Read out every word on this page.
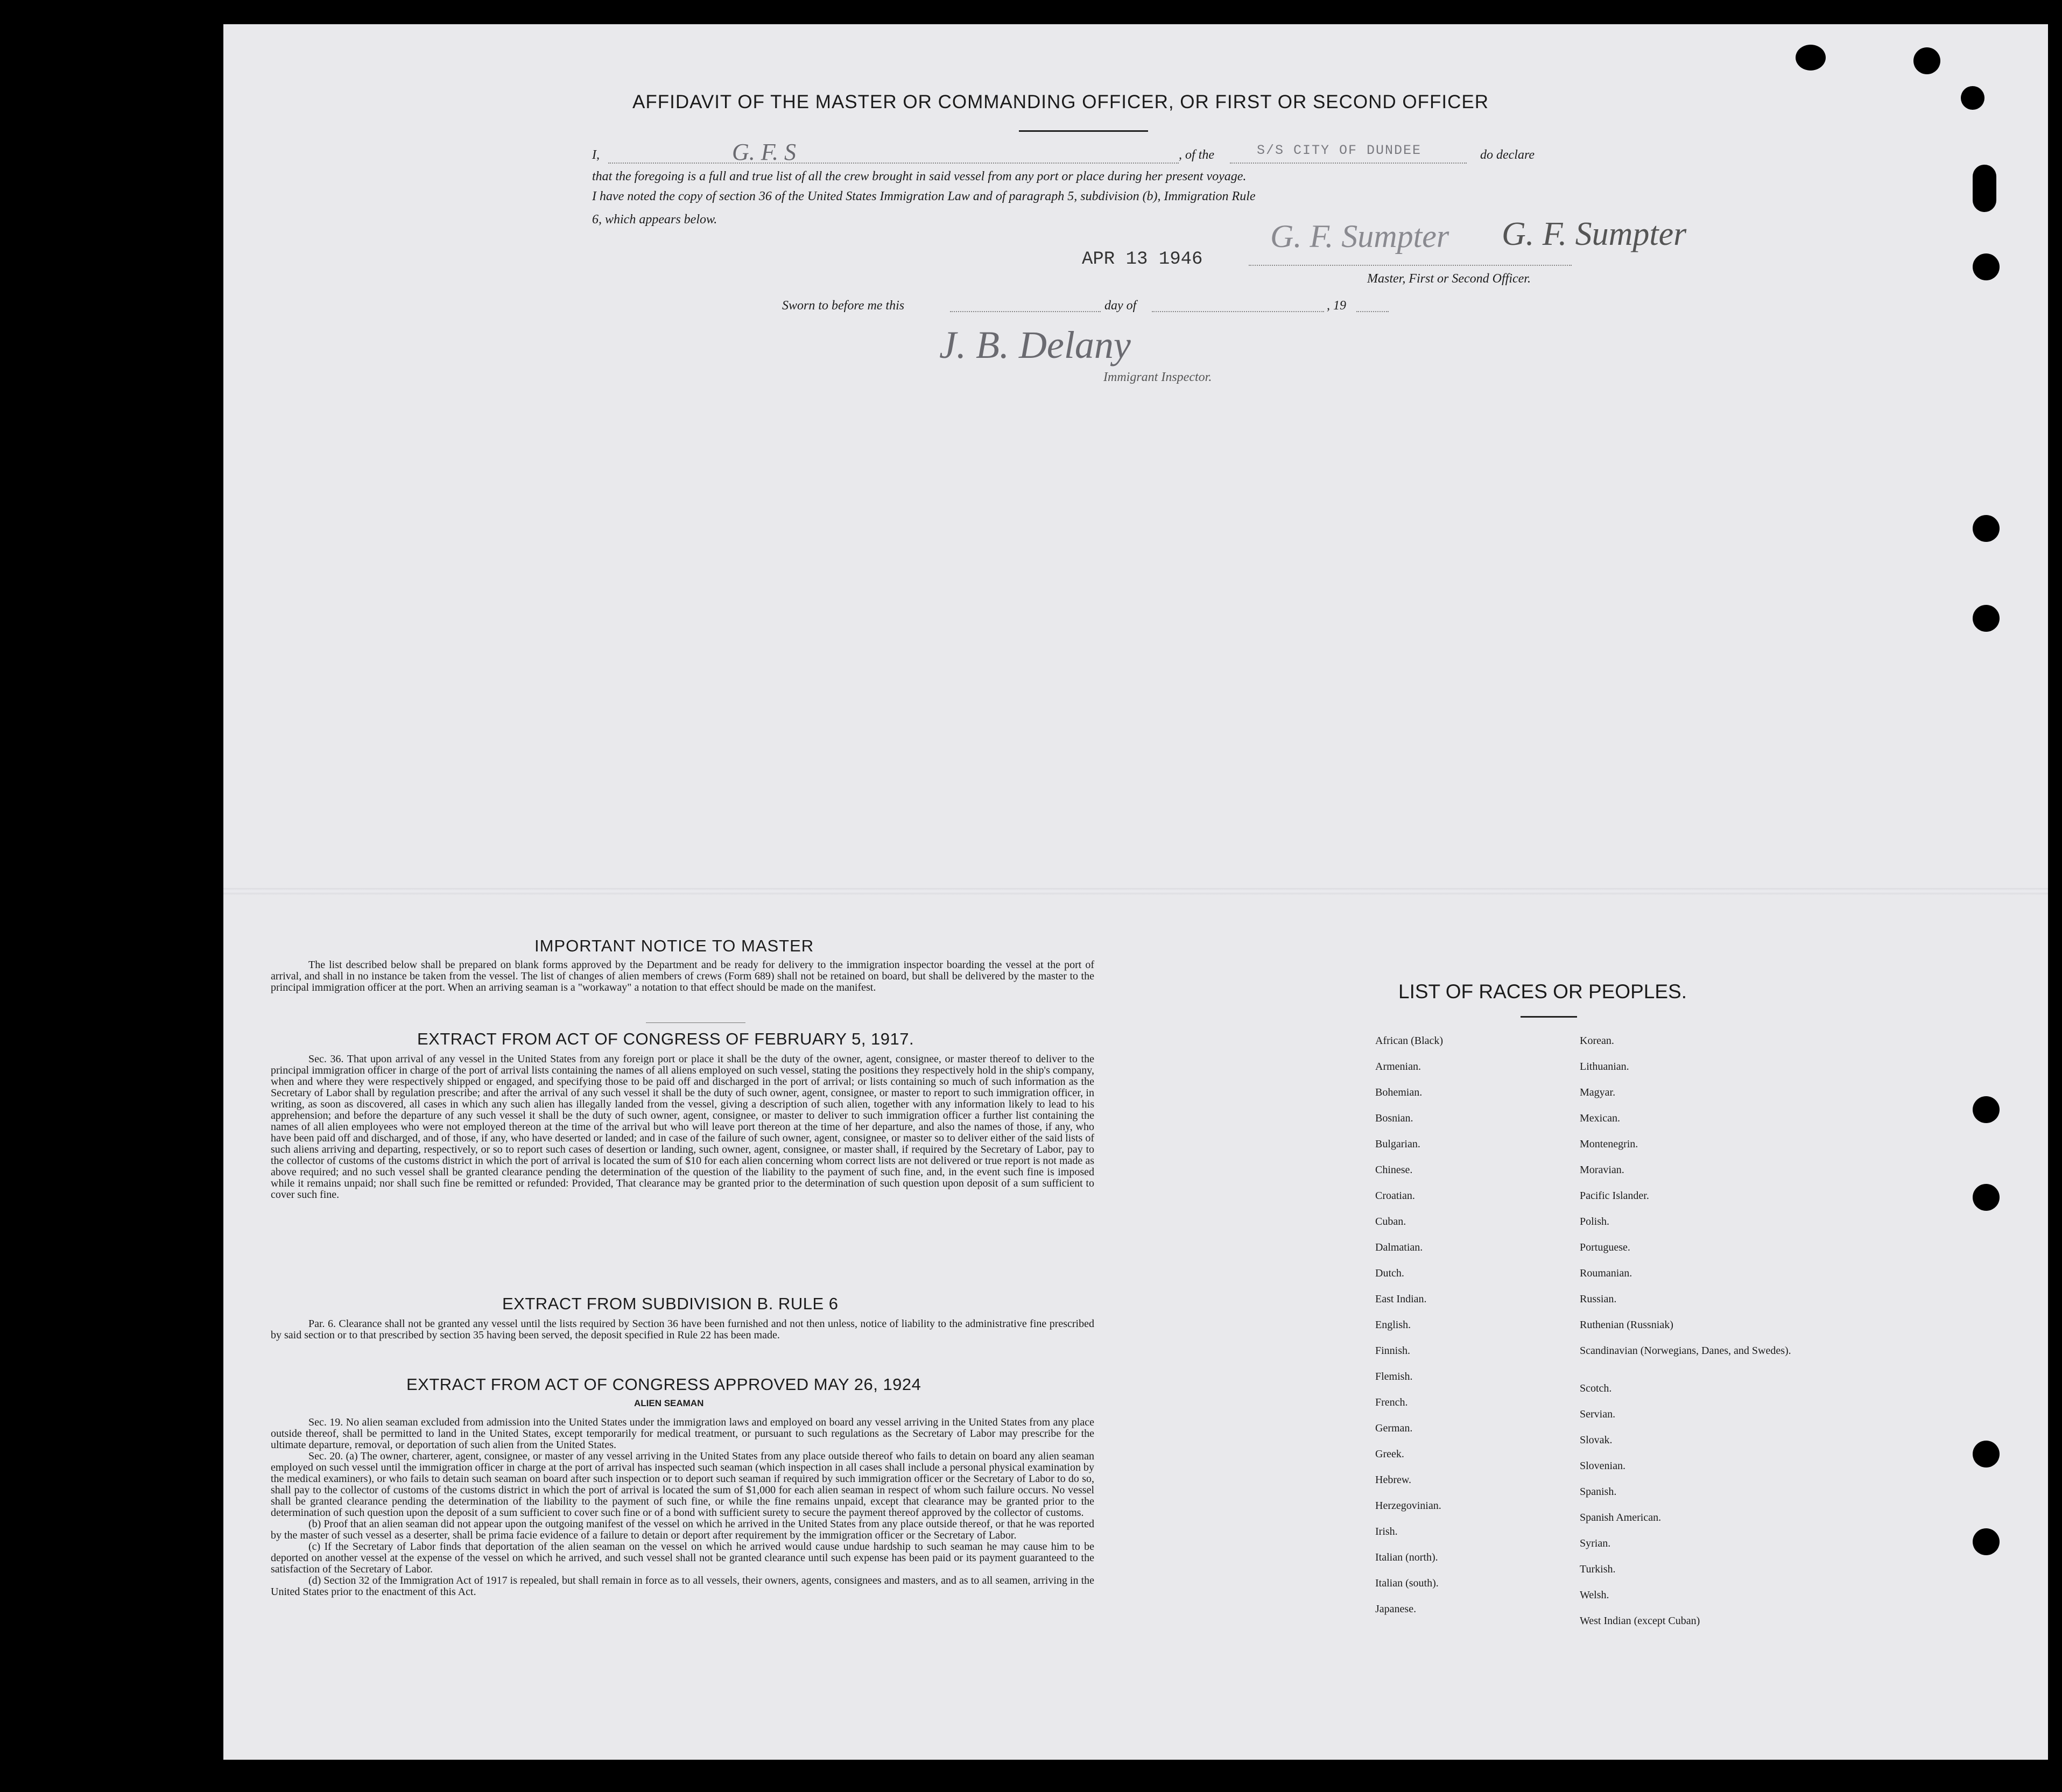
AFFIDAVIT OF THE MASTER OR COMMANDING OFFICER, OR FIRST OR SECOND OFFICER
I,	G. F. S	, of the	S/S CITY OF DUNDEE	do declare
that the foregoing is a full and true list of all the crew brought in said vessel from any port or place during her present voyage.
I have noted the copy of section 36 of the United States Immigration Law and of paragraph 5, subdivision (b), Immigration Rule
6, which appears below.
APR 13 1946
G. F. Sumpter G. F. Sumpter
Master, First or Second Officer.
Sworn to before me this	day of	, 19
J. B. Delany
Immigrant Inspector.
IMPORTANT NOTICE TO MASTER

The list described below shall be prepared on blank forms approved by the Department and be ready for delivery to the immigration inspector boarding the vessel at the port of arrival, and shall in no instance be taken from the vessel. The list of changes of alien members of crews (Form 689) shall not be retained on board, but shall be delivered by the master to the principal immigration officer at the port. When an arriving seaman is a "workaway" a notation to that effect should be made on the manifest.

EXTRACT FROM ACT OF CONGRESS OF FEBRUARY 5, 1917.

Sec. 36. That upon arrival of any vessel in the United States from any foreign port or place it shall be the duty of the owner, agent, consignee, or master thereof to deliver to the principal immigration officer in charge of the port of arrival lists containing the names of all aliens employed on such vessel, stating the positions they respectively hold in the ship's company, when and where they were respectively shipped or engaged, and specifying those to be paid off and discharged in the port of arrival; or lists containing so much of such information as the Secretary of Labor shall by regulation prescribe; and after the arrival of any such vessel it shall be the duty of such owner, agent, consignee, or master to report to such immigration officer, in writing, as soon as discovered, all cases in which any such alien has illegally landed from the vessel, giving a description of such alien, together with any information likely to lead to his apprehension; and before the departure of any such vessel it shall be the duty of such owner, agent, consignee, or master to deliver to such immigration officer a further list containing the names of all alien employees who were not employed thereon at the time of the arrival but who will leave port thereon at the time of her departure, and also the names of those, if any, who have been paid off and discharged, and of those, if any, who have deserted or landed; and in case of the failure of such owner, agent, consignee, or master so to deliver either of the said lists of such aliens arriving and departing, respectively, or so to report such cases of desertion or landing, such owner, agent, consignee, or master shall, if required by the Secretary of Labor, pay to the collector of customs of the customs district in which the port of arrival is located the sum of $10 for each alien concerning whom correct lists are not delivered or true report is not made as above required; and no such vessel shall be granted clearance pending the determination of the question of the liability to the payment of such fine, and, in the event such fine is imposed while it remains unpaid; nor shall such fine be remitted or refunded: Provided, That clearance may be granted prior to the determination of such question upon deposit of a sum sufficient to cover such fine.

EXTRACT FROM SUBDIVISION B. RULE 6

Par. 6. Clearance shall not be granted any vessel until the lists required by Section 36 have been furnished and not then unless, notice of liability to the administrative fine prescribed by said section or to that prescribed by section 35 having been served, the deposit specified in Rule 22 has been made.

EXTRACT FROM ACT OF CONGRESS APPROVED MAY 26, 1924
ALIEN SEAMAN

Sec. 19. No alien seaman excluded from admission into the United States under the immigration laws and employed on board any vessel arriving in the United States from any place outside thereof, shall be permitted to land in the United States, except temporarily for medical treatment, or pursuant to such regulations as the Secretary of Labor may prescribe for the ultimate departure, removal, or deportation of such alien from the United States.

Sec. 20. (a) The owner, charterer, agent, consignee, or master of any vessel arriving in the United States from any place outside thereof who fails to detain on board any alien seaman employed on such vessel until the immigration officer in charge at the port of arrival has inspected such seaman (which inspection in all cases shall include a personal physical examination by the medical examiners), or who fails to detain such seaman on board after such inspection or to deport such seaman if required by such immigration officer or the Secretary of Labor to do so, shall pay to the collector of customs of the customs district in which the port of arrival is located the sum of $1,000 for each alien seaman in respect of whom such failure occurs. No vessel shall be granted clearance pending the determination of the liability to the payment of such fine, or while the fine remains unpaid, except that clearance may be granted prior to the determination of such question upon the deposit of a sum sufficient to cover such fine or of a bond with sufficient surety to secure the payment thereof approved by the collector of customs.

(b) Proof that an alien seaman did not appear upon the outgoing manifest of the vessel on which he arrived in the United States from any place outside thereof, or that he was reported by the master of such vessel as a deserter, shall be prima facie evidence of a failure to detain or deport after requirement by the immigration officer or the Secretary of Labor.

(c) If the Secretary of Labor finds that deportation of the alien seaman on the vessel on which he arrived would cause undue hardship to such seaman he may cause him to be deported on another vessel at the expense of the vessel on which he arrived, and such vessel shall not be granted clearance until such expense has been paid or its payment guaranteed to the satisfaction of the Secretary of Labor.

(d) Section 32 of the Immigration Act of 1917 is repealed, but shall remain in force as to all vessels, their owners, agents, consignees and masters, and as to all seamen, arriving in the United States prior to the enactment of this Act.

LIST OF RACES OR PEOPLES.
African (Black)
Armenian.
Bohemian.
Bosnian.
Bulgarian.
Chinese.
Croatian.
Cuban.
Dalmatian.
Dutch.
East Indian.
English.
Finnish.
Flemish.
French.
German.
Greek.
Hebrew.
Herzegovinian.
Irish.
Italian (north).
Italian (south).
Japanese.
Korean.
Lithuanian.
Magyar.
Mexican.
Montenegrin.
Moravian.
Pacific Islander.
Polish.
Portuguese.
Roumanian.
Russian.
Ruthenian (Russniak)
Scandinavian (Norwegians, Danes, and Swedes).
Scotch.
Servian.
Slovak.
Slovenian.
Spanish.
Spanish American.
Syrian.
Turkish.
Welsh.
West Indian (except Cuban)
